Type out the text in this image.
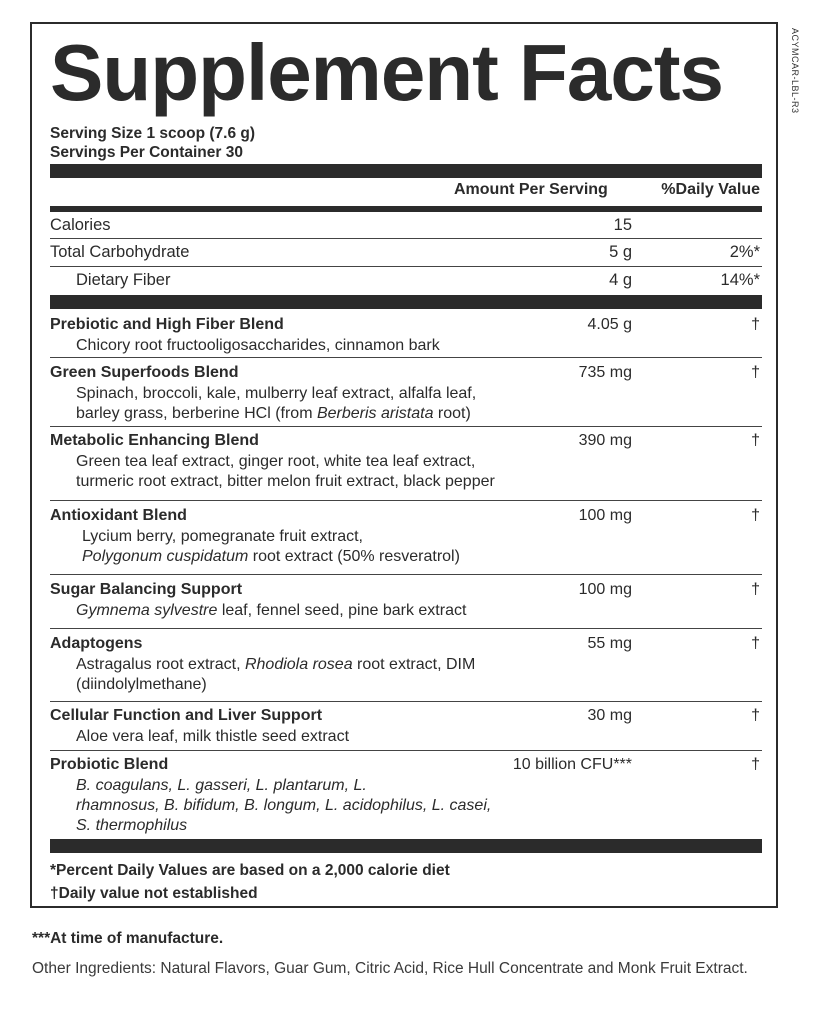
ACYMCAR-LBL-R3
Supplement Facts
Serving Size 1 scoop (7.6 g)
Servings Per Container 30
Amount Per Serving	%Daily Value
Calories	15
Total Carbohydrate	5 g	2%*
Dietary Fiber	4 g	14%*
Prebiotic and High Fiber Blend	4.05 g	†
Chicory root fructooligosaccharides, cinnamon bark
Green Superfoods Blend	735 mg	†
Spinach, broccoli, kale, mulberry leaf extract, alfalfa leaf,
barley grass, berberine HCl (from Berberis aristata root)
Metabolic Enhancing Blend	390 mg	†
Green tea leaf extract, ginger root, white tea leaf extract,
turmeric root extract, bitter melon fruit extract, black pepper
Antioxidant Blend	100 mg	†
Lycium berry, pomegranate fruit extract,
Polygonum cuspidatum root extract (50% resveratrol)
Sugar Balancing Support	100 mg	†
Gymnema sylvestre leaf, fennel seed, pine bark extract
Adaptogens	55 mg	†
Astragalus root extract, Rhodiola rosea root extract, DIM
(diindolylmethane)
Cellular Function and Liver Support	30 mg	†
Aloe vera leaf, milk thistle seed extract
Probiotic Blend	10 billion CFU***	†
B. coagulans, L. gasseri, L. plantarum, L.
rhamnosus, B. bifidum, B. longum, L. acidophilus, L. casei,
S. thermophilus
*Percent Daily Values are based on a 2,000 calorie diet
†Daily value not established
***At time of manufacture.
Other Ingredients: Natural Flavors, Guar Gum, Citric Acid, Rice Hull Concentrate and Monk Fruit Extract.
